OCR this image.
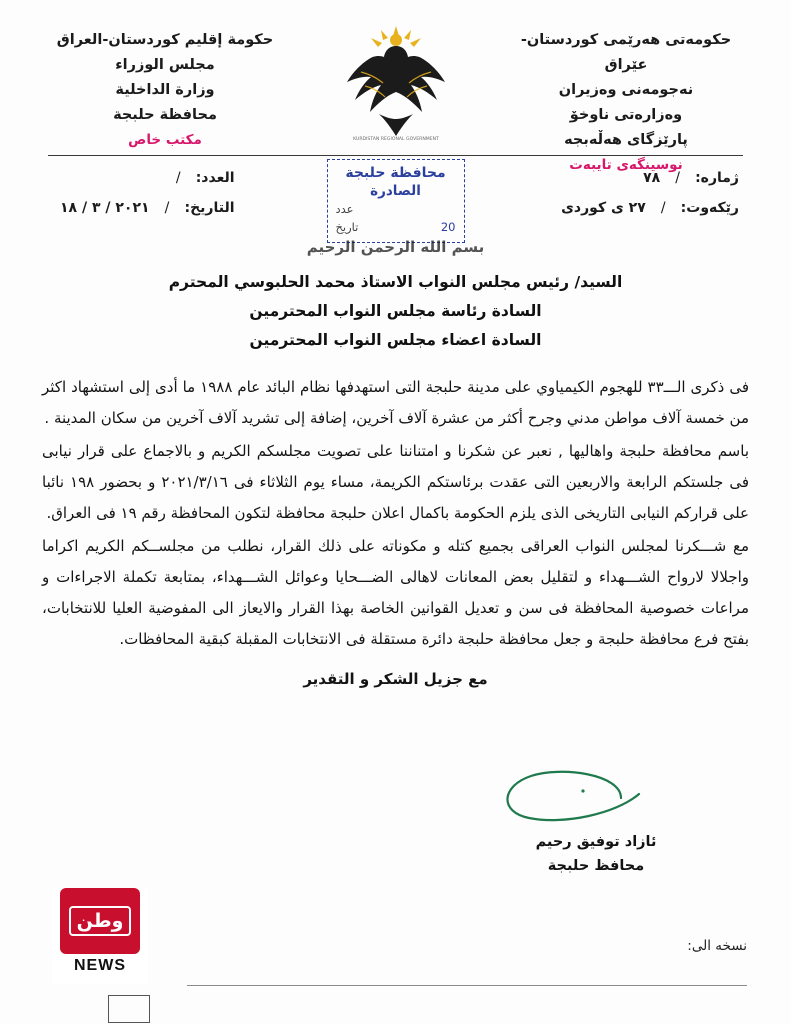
حكومەتى هەرێمى كوردستان-عێراق
نەجومەنى وەزیران
وەزارەتى ناوخۆ
پارێزگای هەڵەبجە
نوسینگەی تایبەت
حكومة إقليم كوردستان-العراق
مجلس الوزراء
وزارة الداخلية
محافظة حلبجة
مكتب خاص	KURDISTAN REGIONAL GOVERNMENT
ژماره‌: / ٧٨
رێكه‌وت: / ٢٧ ى كوردى
العدد: /
التاريخ: / ٢٠٢١ / ٣ / ١٨
محافظة حلبجة
الصادرة
عدد
20
تاريخ
بسم الله الرحمن الرحيم
السيد/ رئيس مجلس النواب الاستاذ محمد الحلبوسي المحترم
السادة رئاسة مجلس النواب المحترمين
السادة اعضاء مجلس النواب المحترمين

فى ذكرى الـــ٣٣ للهجوم الكيمياوي على مدينة حلبجة التى استهدفها نظام البائد عام ١٩٨٨ ما أدى إلى استشهاد اكثر من خمسة آلاف مواطن مدني وجرح أكثر من عشرة آلاف آخرين، إضافة إلى تشريد آلاف آخرين من سكان المدينة .

باسم محافظة حلبجة واهاليها , نعبر عن شكرنا و امتناننا على تصويت مجلسكم الكريم و بالاجماع على قرار نيابى فى جلستكم الرابعة والاربعين التى عقدت برئاستكم الكريمة، مساء يوم الثلاثاء فى ٢٠٢١/٣/١٦ و بحضور ١٩٨ نائبا على قراركم النيابى التاريخى الذى يلزم الحكومة باكمال اعلان حلبجة محافظة لتكون المحافظة رقم ١٩ فى العراق.

مع شـــكرنا لمجلس النواب العراقى بجميع كتله و مكوناته على ذلك القرار، نطلب من مجلســكم الكريم اكراما واجلالا لارواح الشـــهداء و لتقليل بعض المعانات لاهالى الضـــحايا وعوائل الشـــهداء، بمتابعة تكملة الاجراءات و مراعات خصوصية المحافظة فى سن و تعديل القوانين الخاصة بهذا القرار والايعاز الى المفوضية العليا للانتخابات، بفتح فرع محافظة حلبجة و جعل محافظة حلبجة دائرة مستقلة فى الانتخابات المقبلة كبقية المحافظات.

مع جزيل الشكر و التقدير
ئازاد توفيق رحيم
محافظ حلبجة
نسخه الى:
وطن
NEWS
